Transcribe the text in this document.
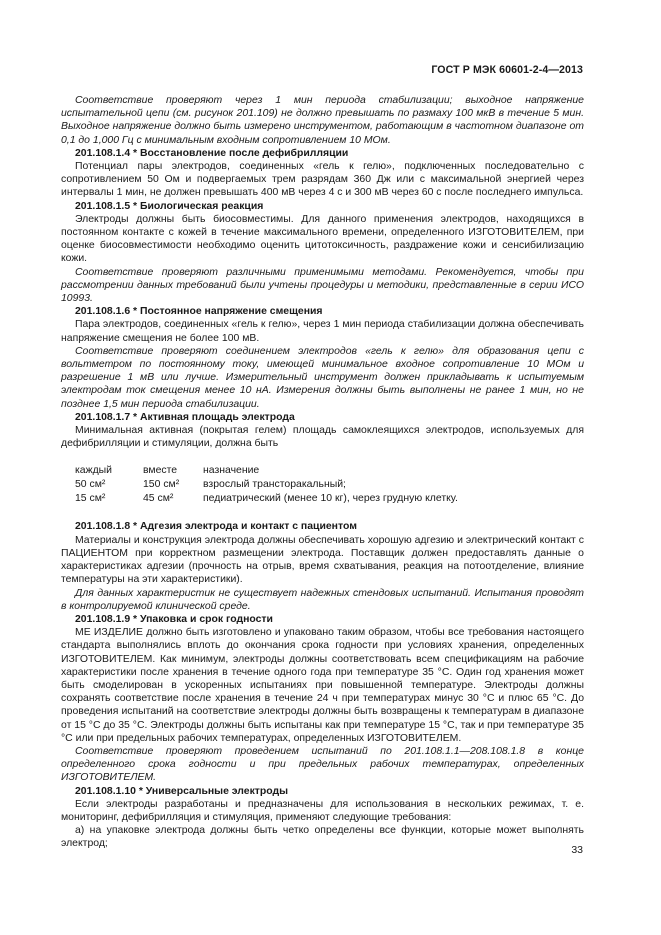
ГОСТ Р МЭК 60601-2-4—2013

Соответствие проверяют через 1 мин периода стабилизации; выходное напряжение испытательной цепи (см. рисунок 201.109) не должно превышать по размаху 100 мкВ в течение 5 мин. Выходное напряжение должно быть измерено инструментом, работающим в частотном диапазоне от 0,1 до 1,000 Гц с минимальным входным сопротивлением 10 МОм.

201.108.1.4 * Восстановление после дефибрилляции

Потенциал пары электродов, соединенных «гель к гелю», подключенных последовательно с сопротивлением 50 Ом и подвергаемых трем разрядам 360 Дж или с максимальной энергией через интервалы 1 мин, не должен превышать 400 мВ через 4 с и 300 мВ через 60 с после последнего импульса.

201.108.1.5 * Биологическая реакция

Электроды должны быть биосовместимы. Для данного применения электродов, находящихся в постоянном контакте с кожей в течение максимального времени, определенного ИЗГОТОВИТЕЛЕМ, при оценке биосовместимости необходимо оценить цитотоксичность, раздражение кожи и сенсибилизацию кожи.

Соответствие проверяют различными применимыми методами. Рекомендуется, чтобы при рассмотрении данных требований были учтены процедуры и методики, представленные в серии ИСО 10993.

201.108.1.6 * Постоянное напряжение смещения

Пара электродов, соединенных «гель к гелю», через 1 мин периода стабилизации должна обеспечивать напряжение смещения не более 100 мВ.

Соответствие проверяют соединением электродов «гель к гелю» для образования цепи с вольтметром по постоянному току, имеющей минимальное входное сопротивление 10 МОм и разрешение 1 мВ или лучше. Измерительный инструмент должен прикладывать к испытуемым электродам ток смещения менее 10 нА. Измерения должны быть выполнены не ранее 1 мин, но не позднее 1,5 мин периода стабилизации.

201.108.1.7 * Активная площадь электрода

Минимальная активная (покрытая гелем) площадь самоклеящихся электродов, используемых для дефибрилляции и стимуляции, должна быть

каждый	вместе	назначение
50 см²	150 см²	взрослый трансторакальный;
15 см²	45 см²	педиатрический (менее 10 кг), через грудную клетку.

201.108.1.8 * Адгезия электрода и контакт с пациентом

Материалы и конструкция электрода должны обеспечивать хорошую адгезию и электрический контакт с ПАЦИЕНТОМ при корректном размещении электрода. Поставщик должен предоставлять данные о характеристиках адгезии (прочность на отрыв, время схватывания, реакция на потоотделение, влияние температуры на эти характеристики).

Для данных характеристик не существует надежных стендовых испытаний. Испытания проводят в контролируемой клинической среде.

201.108.1.9 * Упаковка и срок годности

МЕ ИЗДЕЛИЕ должно быть изготовлено и упаковано таким образом, чтобы все требования настоящего стандарта выполнялись вплоть до окончания срока годности при условиях хранения, определенных ИЗГОТОВИТЕЛЕМ. Как минимум, электроды должны соответствовать всем спецификациям на рабочие характеристики после хранения в течение одного года при температуре 35 °С. Один год хранения может быть смоделирован в ускоренных испытаниях при повышенной температуре. Электроды должны сохранять соответствие после хранения в течение 24 ч при температурах минус 30 °С и плюс 65 °С. До проведения испытаний на соответствие электроды должны быть возвращены к температурам в диапазоне от 15 °С до 35 °С. Электроды должны быть испытаны как при температуре 15 °С, так и при температуре 35 °С или при предельных рабочих температурах, определенных ИЗГОТОВИТЕЛЕМ.

Соответствие проверяют проведением испытаний по 201.108.1.1—208.108.1.8 в конце определенного срока годности и при предельных рабочих температурах, определенных ИЗГОТОВИТЕЛЕМ.

201.108.1.10 * Универсальные электроды

Если электроды разработаны и предназначены для использования в нескольких режимах, т. е. мониторинг, дефибрилляция и стимуляция, применяют следующие требования:

а) на упаковке электрода должны быть четко определены все функции, которые может выполнять электрод;

33
